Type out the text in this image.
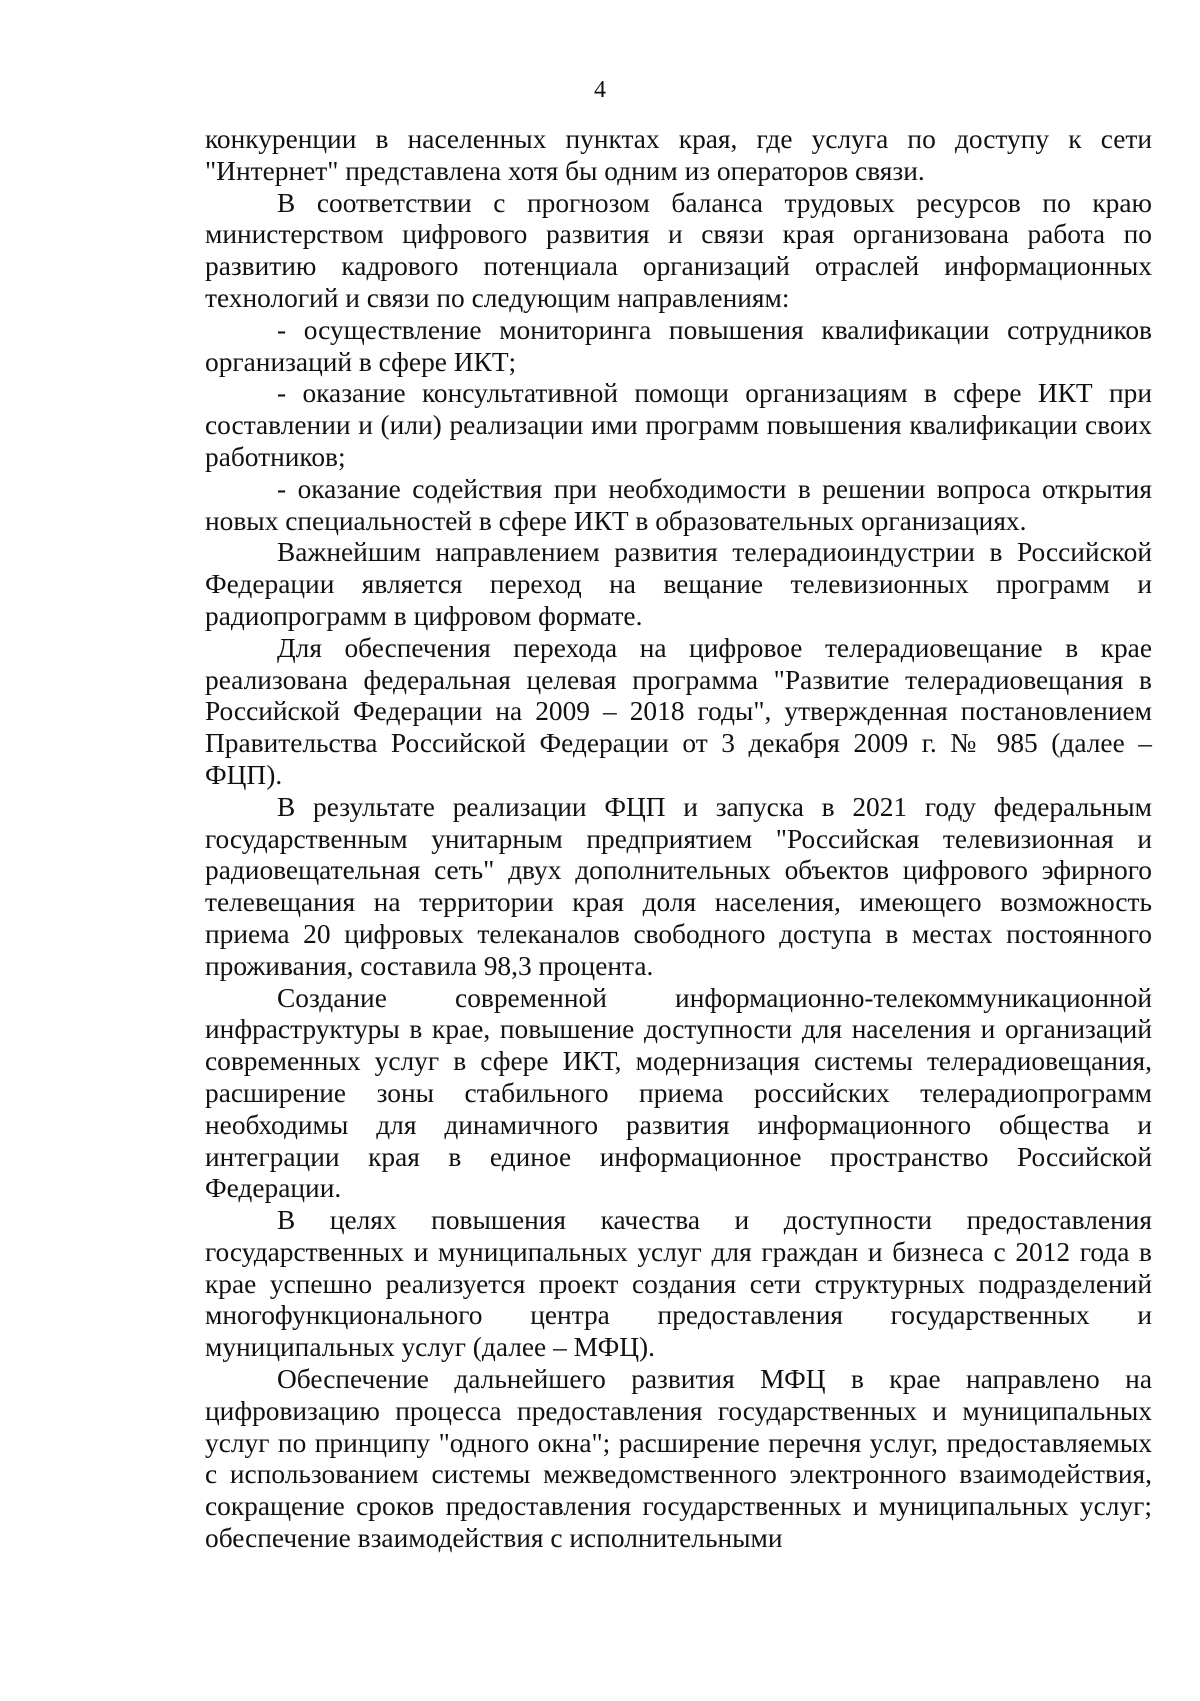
4

конкуренции в населенных пунктах края, где услуга по доступу к сети "Интернет" представлена хотя бы одним из операторов связи.

В соответствии с прогнозом баланса трудовых ресурсов по краю министерством цифрового развития и связи края организована работа по развитию кадрового потенциала организаций отраслей информационных технологий и связи по следующим направлениям:

- осуществление мониторинга повышения квалификации сотрудников организаций в сфере ИКТ;

- оказание консультативной помощи организациям в сфере ИКТ при составлении и (или) реализации ими программ повышения квалификации своих работников;

- оказание содействия при необходимости в решении вопроса открытия новых специальностей в сфере ИКТ в образовательных организациях.

Важнейшим направлением развития телерадиоиндустрии в Российской Федерации является переход на вещание телевизионных программ и радиопрограмм в цифровом формате.

Для обеспечения перехода на цифровое телерадиовещание в крае реализована федеральная целевая программа "Развитие телерадиовещания в Российской Федерации на 2009 – 2018 годы", утвержденная постановлением Правительства Российской Федерации от 3 декабря 2009 г. № 985 (далее – ФЦП).

В результате реализации ФЦП и запуска в 2021 году федеральным государственным унитарным предприятием "Российская телевизионная и радиовещательная сеть" двух дополнительных объектов цифрового эфирного телевещания на территории края доля населения, имеющего возможность приема 20 цифровых телеканалов свободного доступа в местах постоянного проживания, составила 98,3 процента.

Создание современной информационно-телекоммуникационной инфраструктуры в крае, повышение доступности для населения и организаций современных услуг в сфере ИКТ, модернизация системы телерадиовещания, расширение зоны стабильного приема российских телерадиопрограмм необходимы для динамичного развития информационного общества и интеграции края в единое информационное пространство Российской Федерации.

В целях повышения качества и доступности предоставления государственных и муниципальных услуг для граждан и бизнеса с 2012 года в крае успешно реализуется проект создания сети структурных подразделений многофункционального центра предоставления государственных и муниципальных услуг (далее – МФЦ).

Обеспечение дальнейшего развития МФЦ в крае направлено на цифровизацию процесса предоставления государственных и муниципальных услуг по принципу "одного окна"; расширение перечня услуг, предоставляемых с использованием системы межведомственного электронного взаимодействия, сокращение сроков предоставления государственных и муниципальных услуг; обеспечение взаимодействия с исполнительными
